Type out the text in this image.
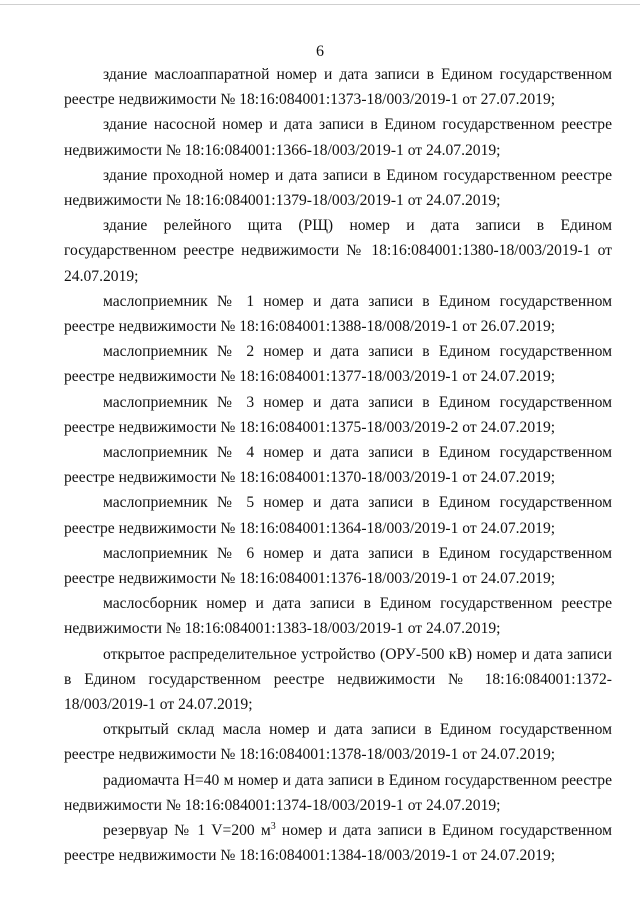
6

здание маслоаппаратной номер и дата записи в Едином государственном реестре недвижимости № 18:16:084001:1373-18/003/2019-1 от 27.07.2019;

здание насосной номер и дата записи в Едином государственном реестре недвижимости № 18:16:084001:1366-18/003/2019-1 от 24.07.2019;

здание проходной номер и дата записи в Едином государственном реестре недвижимости № 18:16:084001:1379-18/003/2019-1 от 24.07.2019;

здание релейного щита (РЩ) номер и дата записи в Едином государственном реестре недвижимости № 18:16:084001:1380-18/003/2019-1 от 24.07.2019;

маслоприемник № 1 номер и дата записи в Едином государственном реестре недвижимости № 18:16:084001:1388-18/008/2019-1 от 26.07.2019;

маслоприемник № 2 номер и дата записи в Едином государственном реестре недвижимости № 18:16:084001:1377-18/003/2019-1 от 24.07.2019;

маслоприемник № 3 номер и дата записи в Едином государственном реестре недвижимости № 18:16:084001:1375-18/003/2019-2 от 24.07.2019;

маслоприемник № 4 номер и дата записи в Едином государственном реестре недвижимости № 18:16:084001:1370-18/003/2019-1 от 24.07.2019;

маслоприемник № 5 номер и дата записи в Едином государственном реестре недвижимости № 18:16:084001:1364-18/003/2019-1 от 24.07.2019;

маслоприемник № 6 номер и дата записи в Едином государственном реестре недвижимости № 18:16:084001:1376-18/003/2019-1 от 24.07.2019;

маслосборник номер и дата записи в Едином государственном реестре недвижимости № 18:16:084001:1383-18/003/2019-1 от 24.07.2019;

открытое распределительное устройство (ОРУ-500 кВ) номер и дата записи в Едином государственном реестре недвижимости № 18:16:084001:1372-18/003/2019-1 от 24.07.2019;

открытый склад масла номер и дата записи в Едином государственном реестре недвижимости № 18:16:084001:1378-18/003/2019-1 от 24.07.2019;

радиомачта Н=40 м номер и дата записи в Едином государственном реестре недвижимости № 18:16:084001:1374-18/003/2019-1 от 24.07.2019;

резервуар № 1 V=200 $м^3$ номер и дата записи в Едином государственном реестре недвижимости № 18:16:084001:1384-18/003/2019-1 от 24.07.2019;
